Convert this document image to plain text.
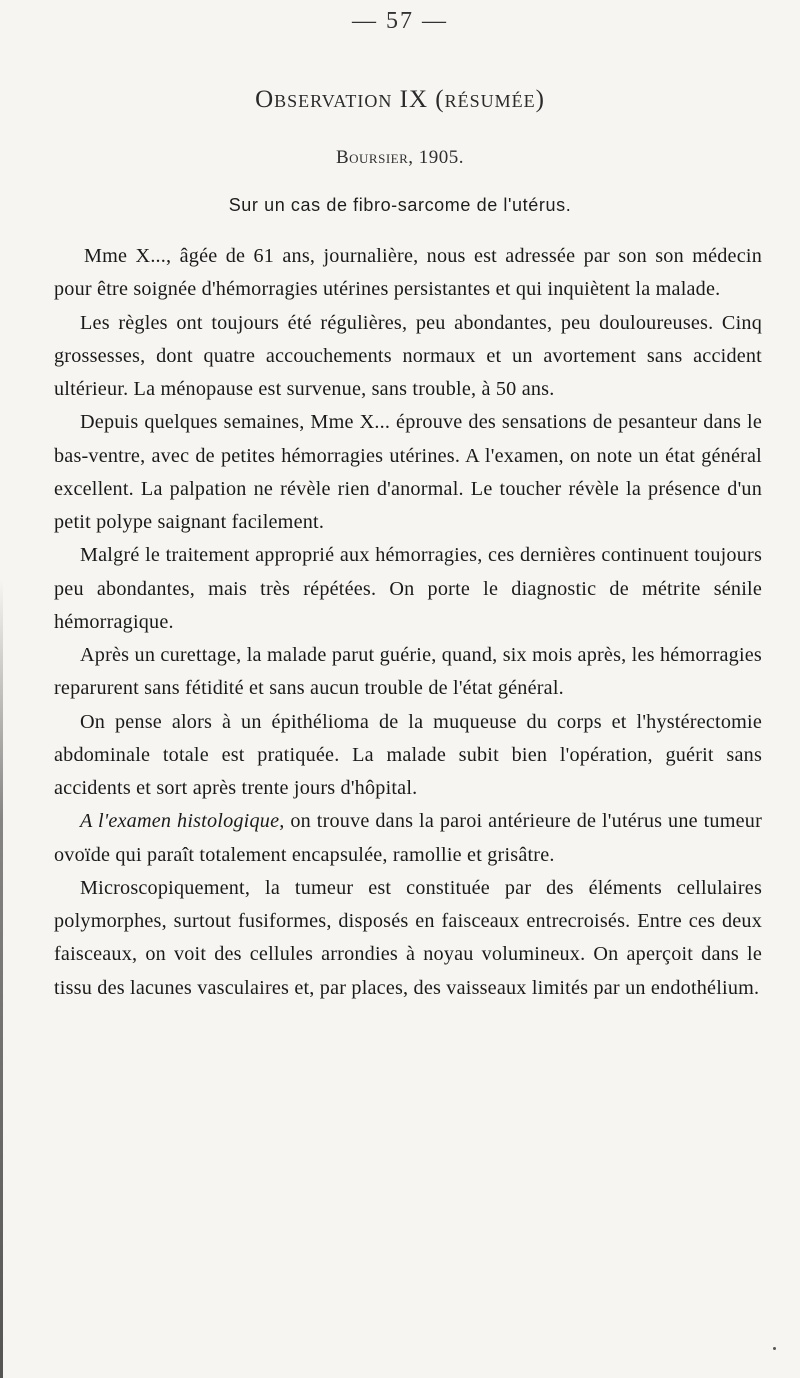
— 57 —
Observation IX (résumée)
Boursier, 1905.
Sur un cas de fibro-sarcome de l'utérus.

Mme X..., âgée de 61 ans, journalière, nous est adressée par son son médecin pour être soignée d'hémorragies utérines persistantes et qui inquiètent la malade.

Les règles ont toujours été régulières, peu abondantes, peu douloureuses. Cinq grossesses, dont quatre accouchements normaux et un avortement sans accident ultérieur. La ménopause est survenue, sans trouble, à 50 ans.

Depuis quelques semaines, Mme X... éprouve des sensations de pesanteur dans le bas-ventre, avec de petites hémorragies utérines. A l'examen, on note un état général excellent. La palpation ne révèle rien d'anormal. Le toucher révèle la présence d'un petit polype saignant facilement.

Malgré le traitement approprié aux hémorragies, ces dernières continuent toujours peu abondantes, mais très répétées. On porte le diagnostic de métrite sénile hémorragique.

Après un curettage, la malade parut guérie, quand, six mois après, les hémorragies reparurent sans fétidité et sans aucun trouble de l'état général.

On pense alors à un épithélioma de la muqueuse du corps et l'hystérectomie abdominale totale est pratiquée. La malade subit bien l'opération, guérit sans accidents et sort après trente jours d'hôpital.

A l'examen histologique, on trouve dans la paroi antérieure de l'utérus une tumeur ovoïde qui paraît totalement encapsulée, ramollie et grisâtre.

Microscopiquement, la tumeur est constituée par des éléments cellulaires polymorphes, surtout fusiformes, disposés en faisceaux entrecroisés. Entre ces deux faisceaux, on voit des cellules arrondies à noyau volumineux. On aperçoit dans le tissu des lacunes vasculaires et, par places, des vaisseaux limités par un endothélium.
